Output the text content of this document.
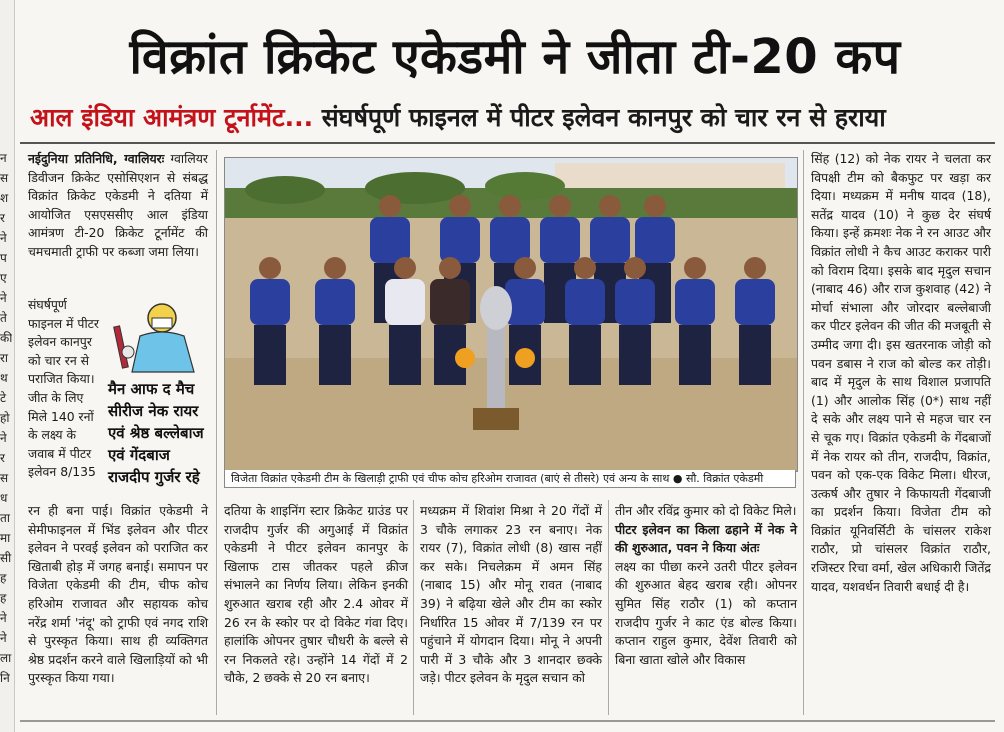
न
स
श
र
ने
प
ए
ने
ते
की
रा
थ
टे
हो
ने
र
स
ध
ता
मा
सी
ह
ह
ने
ने
ला
नि
विक्रांत क्रिकेट एकेडमी ने जीता टी-20 कप
आल इंडिया आमंत्रण टूर्नामेंट... संघर्षपूर्ण फाइनल में पीटर इलेवन कानपुर को चार रन से हराया

नईदुनिया प्रतिनिधि, ग्वालियरः ग्वालियर डिवीजन क्रिकेट एसोसिएशन से संबद्ध विक्रांत क्रिकेट एकेडमी ने दतिया में आयोजित एसएससीए आल इंडिया आमंत्रण टी-20 क्रिकेट टूर्नामेंट की चमचमाती ट्राफी पर कब्जा जमा लिया।

संघर्षपूर्ण फाइनल में पीटर इलेवन कानपुर को चार रन से पराजित किया। जीत के लिए मिले 140 रनों के लक्ष्य के जवाब में पीटर इलेवन 8/135
मैन आफ द मैच सीरीज नेक रायर एवं श्रेष्ठ बल्लेबाज एवं गेंदबाज राजदीप गुर्जर रहे
रन ही बना पाई। विक्रांत एकेडमी ने सेमीफाइनल में भिंड इलेवन और पीटर इलेवन ने परवई इलेवन को पराजित कर खिताबी होड़ में जगह बनाई। समापन पर विजेता एकेडमी की टीम, चीफ कोच हरिओम राजावत और सहायक कोच नरेंद्र शर्मा 'नंदू' को ट्राफी एवं नगद राशि से पुरस्कृत किया। साथ ही व्यक्तिगत श्रेष्ठ प्रदर्शन करने वाले खिलाड़ियों को भी पुरस्कृत किया गया।
विजेता विक्रांत एकेडमी टीम के खिलाड़ी ट्राफी एवं चीफ कोच हरिओम राजावत (बाएं से तीसरे) एवं अन्य के साथ ● सौ. विक्रांत एकेडमी
दतिया के शाइनिंग स्टार क्रिकेट ग्राउंड पर राजदीप गुर्जर की अगुआई में विक्रांत एकेडमी ने पीटर इलेवन कानपुर के खिलाफ टास जीतकर पहले क्रीज संभालने का निर्णय लिया। लेकिन इनकी शुरुआत खराब रही और 2.4 ओवर में 26 रन के स्कोर पर दो विकेट गंवा दिए। हालांकि ओपनर तुषार चौधरी के बल्ले से रन निकलते रहे। उन्होंने 14 गेंदों में 2 चौके, 2 छक्के से 20 रन बनाए।
मध्यक्रम में शिवांश मिश्रा ने 20 गेंदों में 3 चौके लगाकर 23 रन बनाए। नेक रायर (7), विक्रांत लोधी (8) खास नहीं कर सके। निचलेक्रम में अमन सिंह (नाबाद 15) और मोनू रावत (नाबाद 39) ने बढ़िया खेले और टीम का स्कोर निर्धारित 15 ओवर में 7/139 रन पर पहुंचाने में योगदान दिया। मोनू ने अपनी पारी में 3 चौके और 3 शानदार छक्के जड़े। पीटर इलेवन के मृदुल सचान को

तीन और रविंद्र कुमार को दो विकेट मिले।

पीटर इलेवन का किला ढहाने में नेक ने की शुरुआत, पवन ने किया अंतः

लक्ष्य का पीछा करने उतरी पीटर इलेवन की शुरुआत बेहद खराब रही। ओपनर सुमित सिंह राठौर (1) को कप्तान राजदीप गुर्जर ने काट एंड बोल्ड किया। कप्तान राहुल कुमार, देवेंश तिवारी को बिना खाता खोले और विकास

सिंह (12) को नेक रायर ने चलता कर विपक्षी टीम को बैकफुट पर खड़ा कर दिया। मध्यक्रम में मनीष यादव (18), सतेंद्र यादव (10) ने कुछ देर संघर्ष किया। इन्हें क्रमशः नेक ने रन आउट और विक्रांत लोधी ने कैच आउट कराकर पारी को विराम दिया। इसके बाद मृदुल सचान (नाबाद 46) और राज कुशवाह (42) ने मोर्चा संभाला और जोरदार बल्लेबाजी कर पीटर इलेवन की जीत की मजबूती से उम्मीद जगा दी। इस खतरनाक जोड़ी को पवन डबास ने राज को बोल्ड कर तोड़ी। बाद में मृदुल के साथ विशाल प्रजापति (1) और आलोक सिंह (0*) साथ नहीं दे सके और लक्ष्य पाने से महज चार रन से चूक गए। विक्रांत एकेडमी के गेंदबाजों में नेक रायर को तीन, राजदीप, विक्रांत, पवन को एक-एक विकेट मिला। धीरज, उत्कर्ष और तुषार ने किफायती गेंदबाजी का प्रदर्शन किया। विजेता टीम को विक्रांत यूनिवर्सिटी के चांसलर राकेश राठौर, प्रो चांसलर विक्रांत राठौर, रजिस्टर रिचा वर्मा, खेल अधिकारी जितेंद्र यादव, यशवर्धन तिवारी बधाई दी है।
